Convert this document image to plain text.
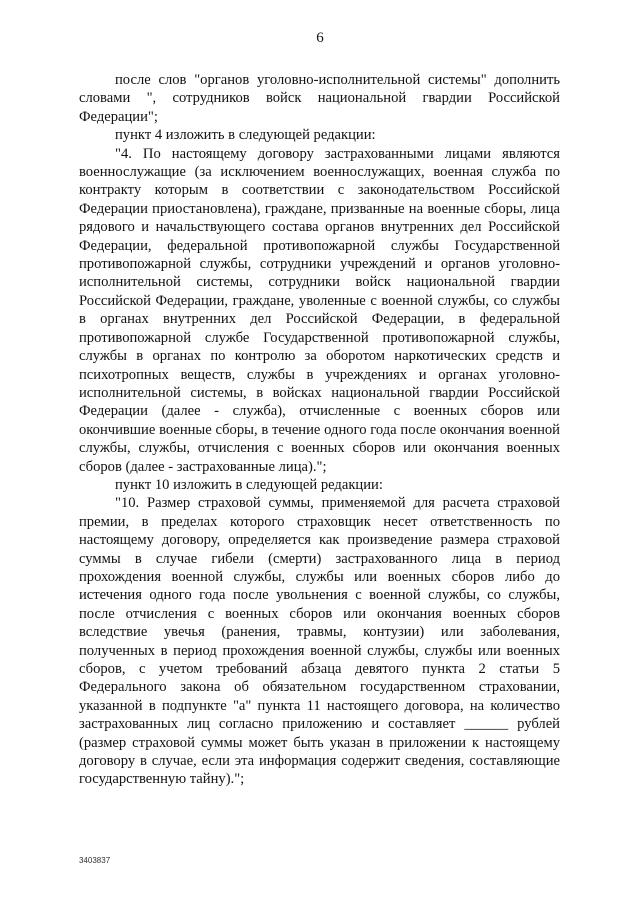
6

после слов "органов уголовно-исполнительной системы" дополнить словами ", сотрудников войск национальной гвардии Российской Федерации";

пункт 4 изложить в следующей редакции:

"4. По настоящему договору застрахованными лицами являются военнослужащие (за исключением военнослужащих, военная служба по контракту которым в соответствии с законодательством Российской Федерации приостановлена), граждане, призванные на военные сборы, лица рядового и начальствующего состава органов внутренних дел Российской Федерации, федеральной противопожарной службы Государственной противопожарной службы, сотрудники учреждений и органов уголовно-исполнительной системы, сотрудники войск национальной гвардии Российской Федерации, граждане, уволенные с военной службы, со службы в органах внутренних дел Российской Федерации, в федеральной противопожарной службе Государственной противопожарной службы, службы в органах по контролю за оборотом наркотических средств и психотропных веществ, службы в учреждениях и органах уголовно-исполнительной системы, в войсках национальной гвардии Российской Федерации (далее - служба), отчисленные с военных сборов или окончившие военные сборы, в течение одного года после окончания военной службы, службы, отчисления с военных сборов или окончания военных сборов (далее - застрахованные лица).";

пункт 10 изложить в следующей редакции:

"10. Размер страховой суммы, применяемой для расчета страховой премии, в пределах которого страховщик несет ответственность по настоящему договору, определяется как произведение размера страховой суммы в случае гибели (смерти) застрахованного лица в период прохождения военной службы, службы или военных сборов либо до истечения одного года после увольнения с военной службы, со службы, после отчисления с военных сборов или окончания военных сборов вследствие увечья (ранения, травмы, контузии) или заболевания, полученных в период прохождения военной службы, службы или военных сборов, с учетом требований абзаца девятого пункта 2 статьи 5 Федерального закона об обязательном государственном страховании, указанной в подпункте "а" пункта 11 настоящего договора, на количество застрахованных лиц согласно приложению и составляет ______ рублей (размер страховой суммы может быть указан в приложении к настоящему договору в случае, если эта информация содержит сведения, составляющие государственную тайну).";

3403837
